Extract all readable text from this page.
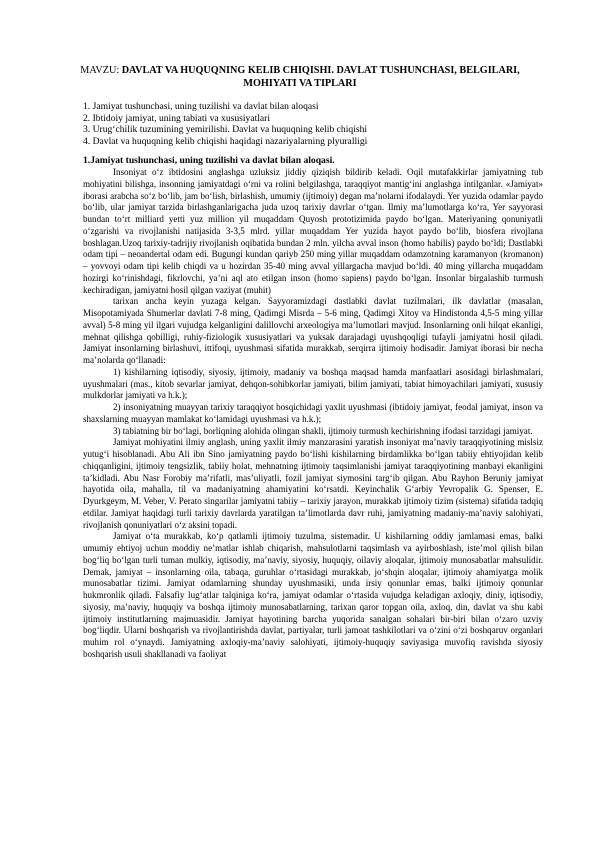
MAVZU: DAVLAT VA HUQUQNING KELIB CHIQISHI. DAVLAT TUSHUNCHASI, BELGILARI, MOHIYATI VA TIPLARI
1. Jamiyat tushunchasi, uning tuzilishi va davlat bilan aloqasi
2. Ibtidoiy jamiyat, uning tabiati va xususiyatlari
3. Urug‘chilik tuzumining yemirilishi. Davlat va huquqning kelib chiqishi
4. Davlat va huquqning kelib chiqishi haqidagi nazariyalarning plyuralligi
1.Jamiyat tushunchasi, uning tuzilishi va davlat bilan aloqasi.

Insoniyat o‘z ibtidosini anglashga uzluksiz jiddiy qiziqish bildirib keladi. Oqil mutafakkirlar jamiyatning tub mohiyatini bilishga, insonning jamiyatdagi o‘rni va rolini belgilashga, taraqqiyot mantig‘ini anglashga intilganlar. «Jamiyat» iborasi arabcha so‘z bo‘lib, jam bo‘lish, birlashish, umumiy (ijtimoiy) degan ma’nolarni ifodalaydi. Yer yuzida odamlar paydo bo‘lib, ular jamiyat tarzida birlashganlarigacha juda uzoq tarixiy davrlar o‘tgan. Ilmiy ma’lumotlarga ko‘ra, Yer sayyorasi bundan to‘rt milliard yetti yuz million yil muqaddam Quyosh prototizimida paydo bo‘lgan. Materiyaning qonuniyatli o‘zgarishi va rivojlanishi natijasida 3-3,5 mlrd. yillar muqaddam Yer yuzida hayot paydo bo‘lib, biosfera rivojlana boshlagan.Uzoq tarixiy-tadrijiy rivojlanish oqibatida bundan 2 mln. yilcha avval inson (homo habilis) paydo bo‘ldi; Dastlabki odam tipi – neoandertal odam edi. Bugungi kundan qariyb 250 ming yillar muqaddam odamzotning karamanyon (kromanon) – yovvoyi odam tipi kelib chiqdi va u hozirdan 35-40 ming avval yillargacha mavjud bo‘ldi. 40 ming yillarcha muqaddam hozirgi ko‘rinishdagi, fikrlovchi, ya’ni aql ato etilgan inson (homo sapiens) paydo bo‘lgan. Insonlar birgalashib turmush kechiradigan, jamiyatni hosil qilgan vaziyat (muhit)

tarixan ancha keyin yuzaga kelgan. Sayyoramizdagi dastlabki davlat tuzilmalari, ilk davlatlar (masalan, Misopotamiyada Shumerlar davlati 7-8 ming, Qadimgi Misrda – 5-6 ming, Qadimgi Xitoy va Hindistonda 4,5-5 ming yillar avval) 5-8 ming yil ilgari vujudga kelganligini dalillovchi arxeologiya ma’lumotlari mavjud. Insonlarning onli hilqat ekanligi, mehnat qilishga qobilligi, ruhiy-fiziologik xususiyatlari va yuksak darajadagi uyushqoqligi tufayli jamiyatni hosil qiladi. Jamiyat insonlarning birlashuvi, ittifoqi, uyushmasi sifatida murakkab, serqirra ijtimoiy hodisadir. Jamiyat iborasi bir necha ma’nolarda qo‘llanadi:

1) kishilarning iqtisodiy, siyosiy, ijtimoiy, madaniy va boshqa maqsad hamda manfaatlari asosidagi birlashmalari, uyushmalari (mas., kitob sevarlar jamiyat, dehqon-sohibkorlar jamiyati, bilim jamiyati, tabiat himoyachilari jamiyati, xususiy mulkdorlar jamiyati va h.k.);

2) insoniyatning muayyan tarixiy taraqqiyot bosqichidagi yaxlit uyushmasi (ibtidoiy jamiyat, feodal jamiyat, inson va shaxslarning muayyan mamlakat ko‘lamidagi uyushmasi va h.k.);

3) tabiatning bir bo‘lagi, borliqning alohida olingan shakli, ijtimoiy turmush kechirishning ifodasi tarzidagi jamiyat.

Jamiyat mohiyatini ilmiy anglash, uning yaxlit ilmiy manzarasini yaratish insoniyat ma’naviy taraqqiyotining mislsiz yutug‘i hisoblanadi. Abu Ali ibn Sino jamiyatning paydo bo‘lishi kishilarning birdamlikka bo‘lgan tabiiy ehtiyojidan kelib chiqqanligini, ijtimoiy tengsizlik, tabiiy holat, mehnatning ijtimoiy taqsimlanishi jamiyat taraqqiyotining manbayi ekanligini ta’kidladi. Abu Nasr Forobiy ma’rifatli, mas’uliyatli, fozil jamiyat siymosini targ‘ib qilgan. Abu Rayhon Beruniy jamiyat hayotida oila, mahalla, til va madaniyatning ahamiyatini ko‘rsatdi. Keyinchalik G‘arbiy Yevropalik G. Spenser, E. Dyurkgeym, M. Veber, V. Perato singarilar jamiyatni tabiiy – tarixiy jarayon, murakkab ijtimoiy tizim (sistema) sifatida tadqiq etdilar. Jamiyat haqidagi turli tarixiy davrlarda yaratilgan ta’limotlarda davr ruhi, jamiyatning madaniy-ma’naviy salohiyati, rivojlanish qonuniyatlari o‘z aksini topadi.

Jamiyat o‘ta murakkab, ko‘p qatlamli ijtimoiy tuzulma, sistemadir. U kishilarning oddiy jamlamasi emas, balki umumiy ehtiyoj uchun moddiy ne’matlar ishlab chiqarish, mahsulotlarni taqsimlash va ayirboshlash, iste’mol qilish bilan bog‘liq bo‘lgan turli tuman mulkiy, iqtisodiy, ma’naviy, siyosiy, huquqiy, oilaviy aloqalar, ijtimoiy munosabatlar mahsulidir. Demak, jamiyat – insonlarning oila, tabaqa, guruhlar o‘rtasidagi murakkab, jo‘shqin aloqalar, ijtimoiy ahamiyatga molik munosabatlar tizimi. Jamiyat odamlarning shunday uyushmasiki, unda irsiy qonunlar emas, balki ijtimoiy qonunlar hukmronlik qiladi. Falsafiy lug‘atlar talqiniga ko‘ra, jamiyat odamlar o‘rtasida vujudga keladigan axloqiy, diniy, iqtisodiy, siyosiy, ma’naviy, huquqiy va boshqa ijtimoiy munosabatlarning, tarixan qaror topgan oila, axloq, din, davlat va shu kabi ijtimoiy institutlarning majmuasidir. Jamiyat hayotining barcha yuqorida sanalgan sohalari bir-biri bilan o‘zaro uzviy bog‘liqdir. Ularni boshqarish va rivojlantirishda davlat, partiyalar, turli jamoat tashkilotlari va o‘zini o‘zi boshqaruv organlari muhim rol o‘ynaydi. Jamiyatning axloqiy-ma’naviy salohiyati, ijtimoiy-huquqiy saviyasiga muvofiq ravishda siyosiy boshqarish usuli shakllanadi va faoliyat
